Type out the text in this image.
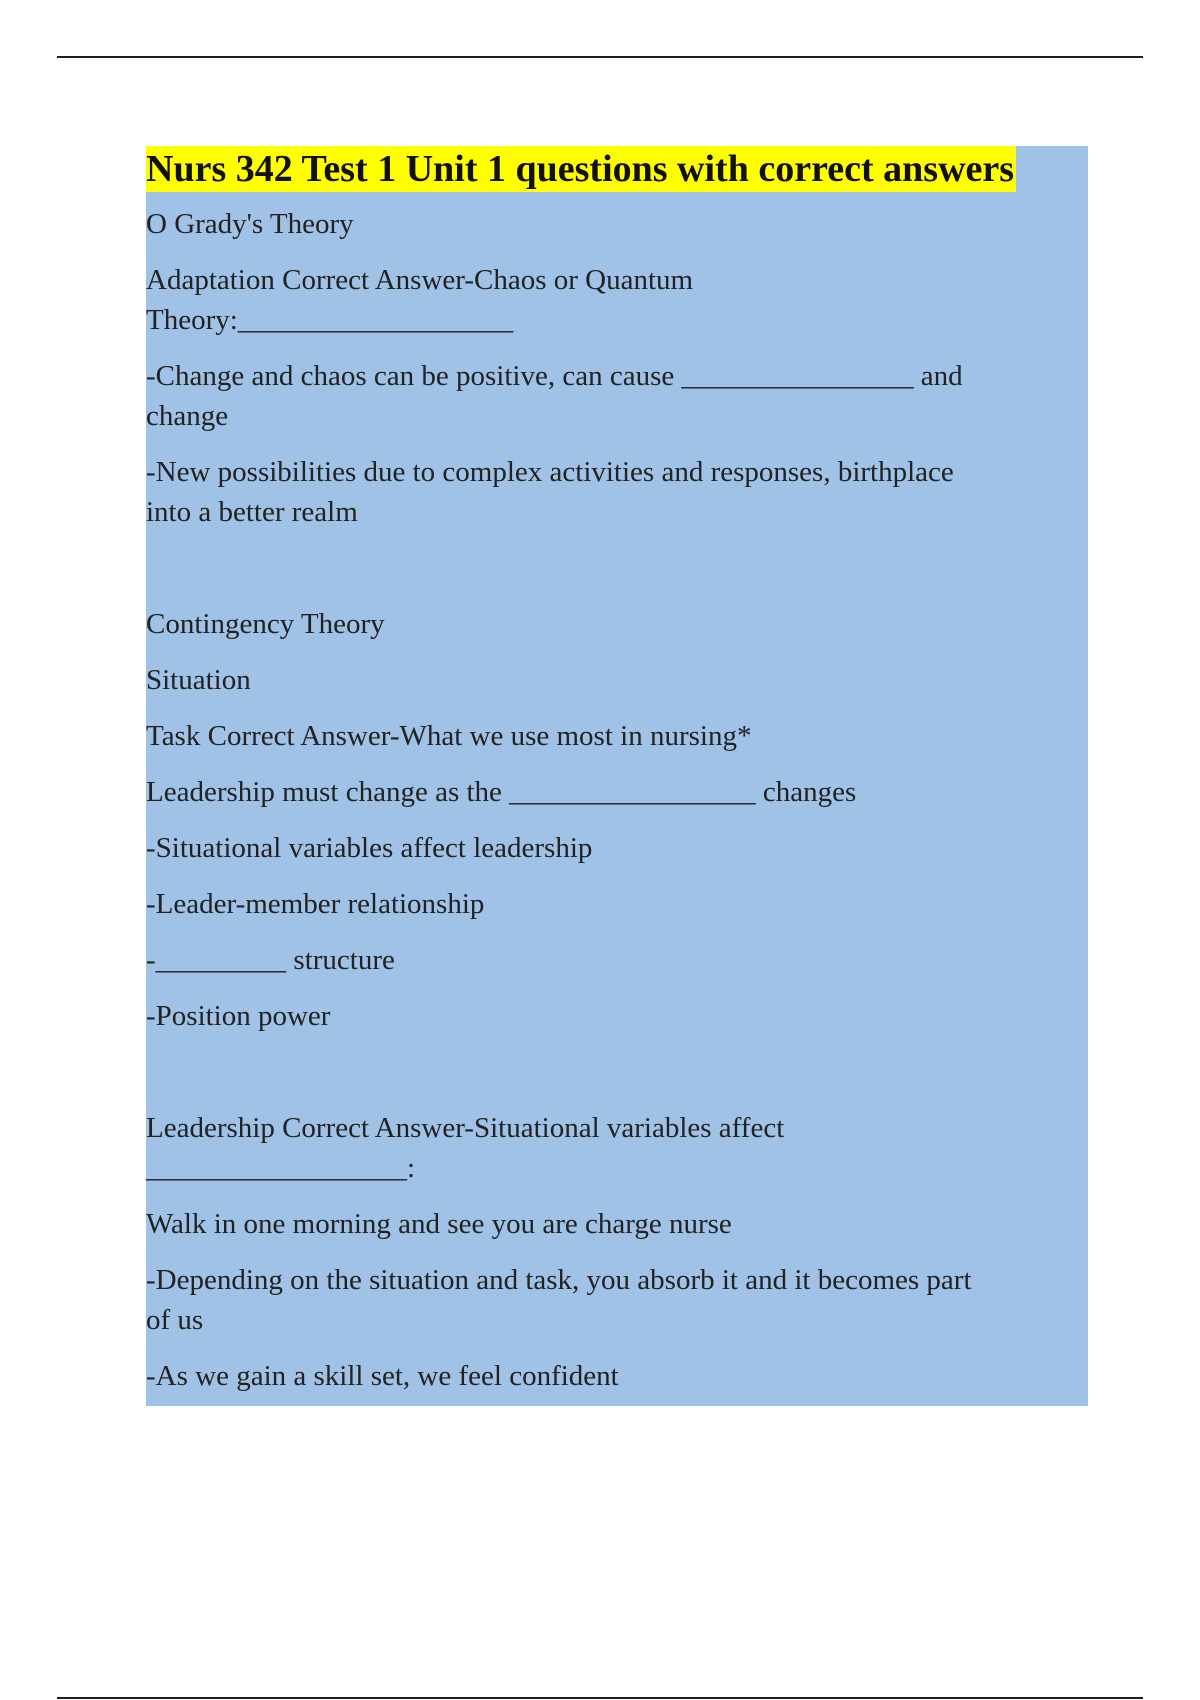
Nurs 342 Test 1 Unit 1 questions with correct answers

O Grady's Theory

Adaptation Correct Answer-Chaos or Quantum
Theory:___________________

-Change and chaos can be positive, can cause ________________ and
change

-New possibilities due to complex activities and responses, birthplace
into a better realm

Contingency Theory

Situation

Task Correct Answer-What we use most in nursing*

Leadership must change as the _________________ changes

-Situational variables affect leadership

-Leader-member relationship

-_________ structure

-Position power

Leadership Correct Answer-Situational variables affect
__________________:

Walk in one morning and see you are charge nurse

-Depending on the situation and task, you absorb it and it becomes part
of us

-As we gain a skill set, we feel confident
